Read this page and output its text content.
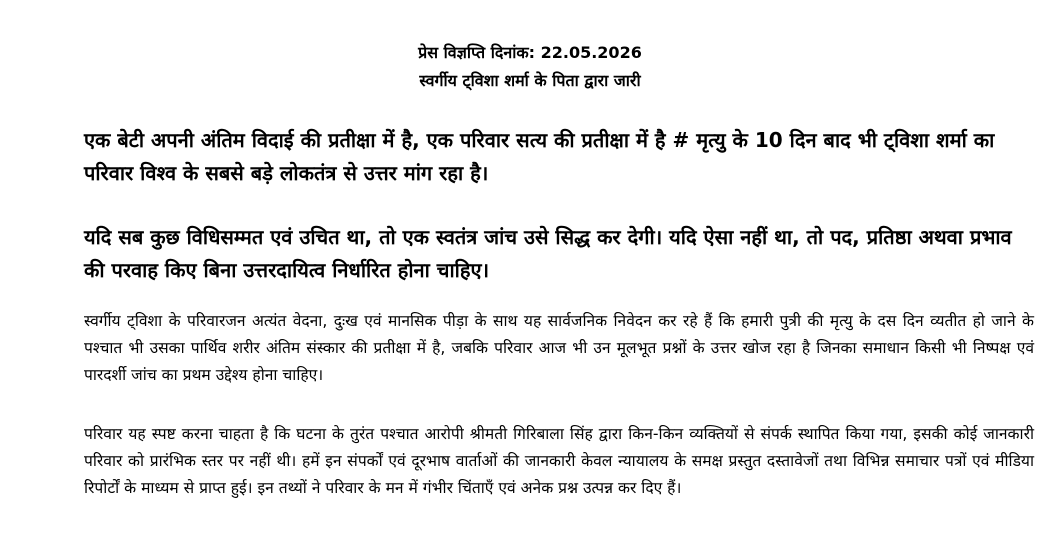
प्रेस विज्ञप्ति दिनांक: 22.05.2026
स्वर्गीय ट्विशा शर्मा के पिता द्वारा जारी
एक बेटी अपनी अंतिम विदाई की प्रतीक्षा में है, एक परिवार सत्य की प्रतीक्षा में है # मृत्यु के 10 दिन बाद भी ट्विशा शर्मा का परिवार विश्व के सबसे बड़े लोकतंत्र से उत्तर मांग रहा है।
यदि सब कुछ विधिसम्मत एवं उचित था, तो एक स्वतंत्र जांच उसे सिद्ध कर देगी। यदि ऐसा नहीं था, तो पद, प्रतिष्ठा अथवा प्रभाव की परवाह किए बिना उत्तरदायित्व निर्धारित होना चाहिए।
स्वर्गीय ट्विशा के परिवारजन अत्यंत वेदना, दुःख एवं मानसिक पीड़ा के साथ यह सार्वजनिक निवेदन कर रहे हैं कि हमारी पुत्री की मृत्यु के दस दिन व्यतीत हो जाने के पश्चात भी उसका पार्थिव शरीर अंतिम संस्कार की प्रतीक्षा में है, जबकि परिवार आज भी उन मूलभूत प्रश्नों के उत्तर खोज रहा है जिनका समाधान किसी भी निष्पक्ष एवं पारदर्शी जांच का प्रथम उद्देश्य होना चाहिए।
परिवार यह स्पष्ट करना चाहता है कि घटना के तुरंत पश्चात आरोपी श्रीमती गिरिबाला सिंह द्वारा किन-किन व्यक्तियों से संपर्क स्थापित किया गया, इसकी कोई जानकारी परिवार को प्रारंभिक स्तर पर नहीं थी। हमें इन संपर्कों एवं दूरभाष वार्ताओं की जानकारी केवल न्यायालय के समक्ष प्रस्तुत दस्तावेजों तथा विभिन्न समाचार पत्रों एवं मीडिया रिपोर्टों के माध्यम से प्राप्त हुई। इन तथ्यों ने परिवार के मन में गंभीर चिंताएँ एवं अनेक प्रश्न उत्पन्न कर दिए हैं।
